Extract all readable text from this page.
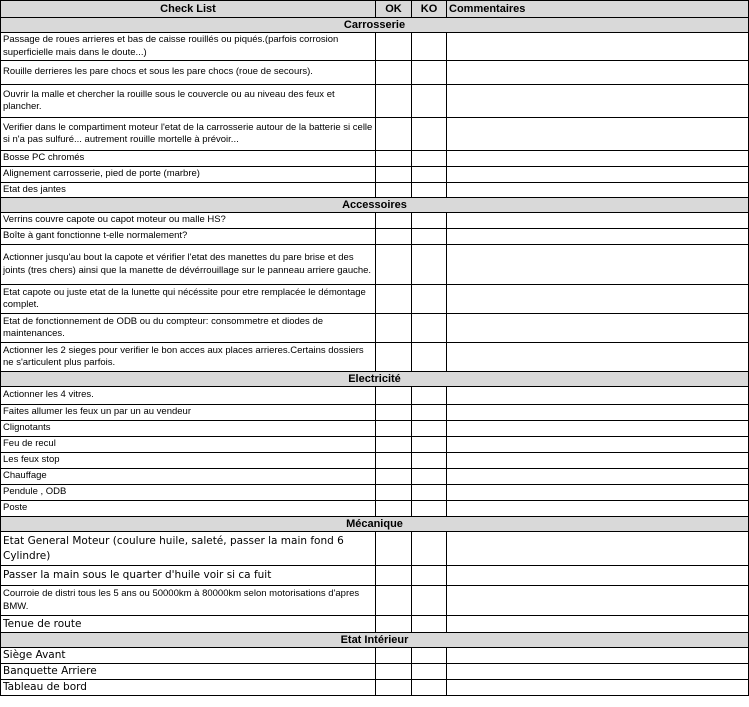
Check List	OK	KO	Commentaires
Carrosserie			
Passage de roues arrieres et bas de caisse rouillés ou piqués.(parfois corrosion superficielle mais dans le doute...)			
Rouille derrieres les pare chocs et sous les pare chocs (roue de secours).			
Ouvrir la malle et chercher la rouille sous le couvercle ou au niveau des feux et plancher.			
Verifier dans le compartiment moteur l'etat de la carrosserie autour de la batterie si celle si n'a pas sulfuré... autrement rouille mortelle à prévoir...			
Bosse PC chromés			
Alignement carrosserie, pied de porte (marbre)			
Etat des jantes			
Accessoires			
Verrins couvre capote ou capot moteur ou malle HS?			
Boîte à gant fonctionne t-elle normalement?			
Actionner jusqu'au bout la capote et vérifier l'etat des manettes du pare brise et des joints (tres chers) ainsi que la manette de dévérrouillage sur le panneau arriere gauche.			
Etat capote ou juste etat de la lunette qui nécéssite pour etre remplacée le démontage complet.			
Etat de fonctionnement de ODB ou du compteur: consommetre et diodes de maintenances.			
Actionner les 2 sieges pour verifier le bon acces aux places arrieres.Certains dossiers ne s'articulent plus parfois.			
Electricité			
Actionner les 4 vitres.			
Faites allumer les feux un par un au vendeur			
Clignotants			
Feu de recul			
Les feux stop			
Chauffage			
Pendule , ODB			
Poste			
Mécanique			
Etat General Moteur (coulure huile, saleté, passer la main fond 6 Cylindre)			
Passer la main sous le quarter d'huile voir si ca fuit			
Courroie de distri tous les 5 ans ou 50000km à 80000km selon motorisations d'apres BMW.			
Tenue de route			
Etat Intérieur			
Siège Avant			
Banquette Arriere			
Tableau de bord			
